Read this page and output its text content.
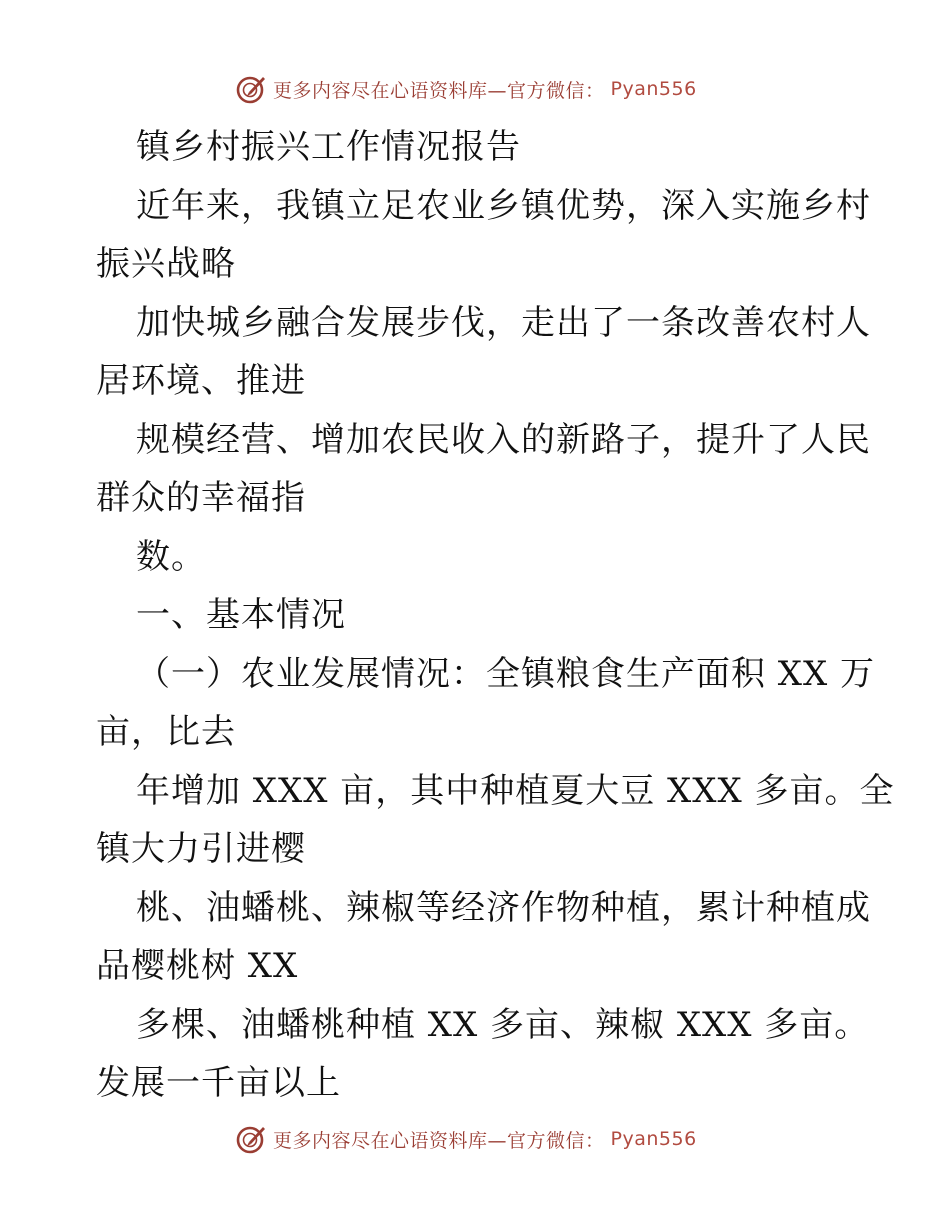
更多内容尽在心语资料库—官方微信： Pyan556
镇乡村振兴工作情况报告
近年来，我镇立足农业乡镇优势，深入实施乡村
振兴战略
加快城乡融合发展步伐，走出了一条改善农村人
居环境、推进
规模经营、增加农民收入的新路子，提升了人民
群众的幸福指
数。
一、基本情况
（一）农业发展情况：全镇粮食生产面积 XX 万
亩，比去
年增加 XXX 亩，其中种植夏大豆 XXX 多亩。全
镇大力引进樱
桃、油蟠桃、辣椒等经济作物种植，累计种植成
品樱桃树 XX
多棵、油蟠桃种植 XX 多亩、辣椒 XXX 多亩。
发展一千亩以上
更多内容尽在心语资料库—官方微信： Pyan556
